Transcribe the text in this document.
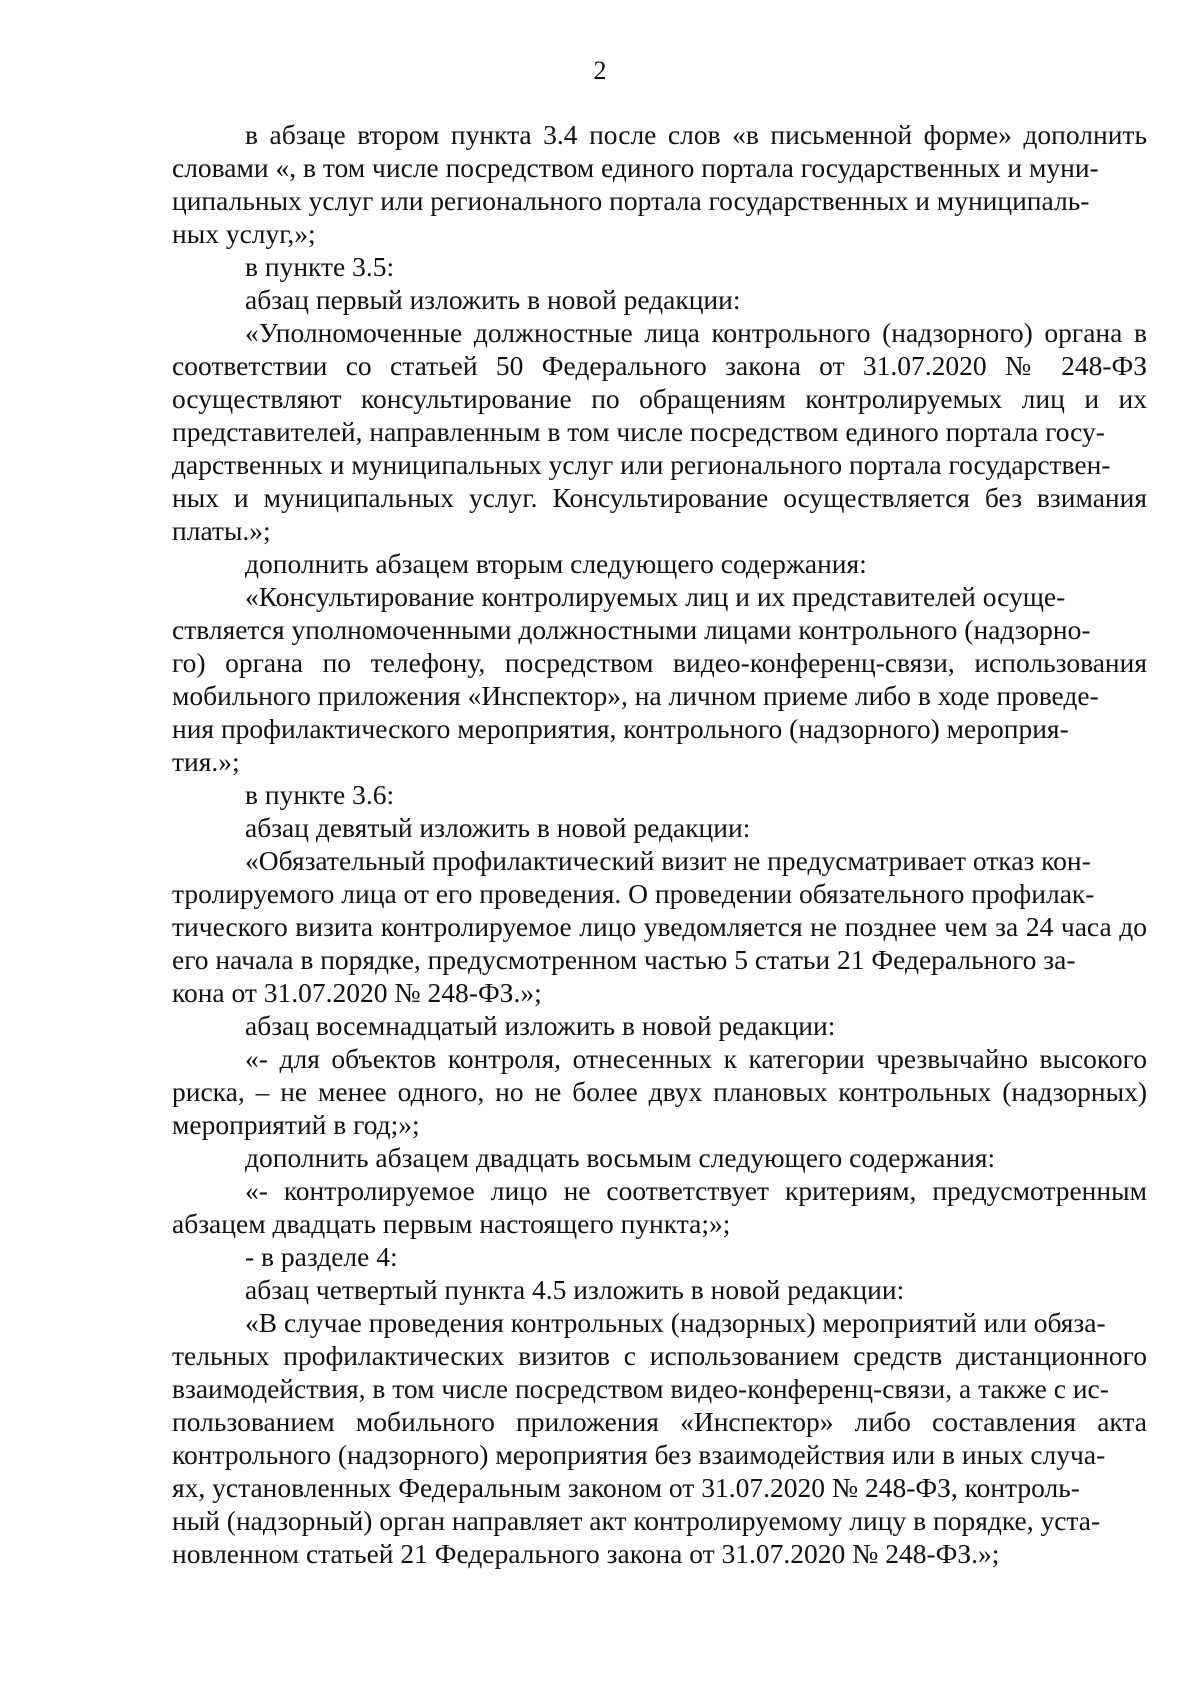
2

в абзаце втором пункта 3.4 после слов «в письменной форме» дополнить словами «, в том числе посредством единого портала государственных и муни-
ципальных услуг или регионального портала государственных и муниципаль-
ных услуг,»;

в пункте 3.5:

абзац первый изложить в новой редакции:

«Уполномоченные должностные лица контрольного (надзорного) органа в соответствии со статьей 50 Федерального закона от 31.07.2020 № 248-ФЗ осуществляют консультирование по обращениям контролируемых лиц и их представителей, направленным в том числе посредством единого портала госу-
дарственных и муниципальных услуг или регионального портала государствен-
ных и муниципальных услуг. Консультирование осуществляется без взимания платы.»;

дополнить абзацем вторым следующего содержания:

«Консультирование контролируемых лиц и их представителей осуще-
ствляется уполномоченными должностными лицами контрольного (надзорно-
го) органа по телефону, посредством видео-конференц-связи, использования мобильного приложения «Инспектор», на личном приеме либо в ходе проведе-
ния профилактического мероприятия, контрольного (надзорного) мероприя-
тия.»;

в пункте 3.6:

абзац девятый изложить в новой редакции:

«Обязательный профилактический визит не предусматривает отказ кон-
тролируемого лица от его проведения. О проведении обязательного профилак-
тического визита контролируемое лицо уведомляется не позднее чем за 24 часа до его начала в порядке, предусмотренном частью 5 статьи 21 Федерального за-
кона от 31.07.2020 № 248-ФЗ.»;

абзац восемнадцатый изложить в новой редакции:

«- для объектов контроля, отнесенных к категории чрезвычайно высокого риска, – не менее одного, но не более двух плановых контрольных (надзорных) мероприятий в год;»;

дополнить абзацем двадцать восьмым следующего содержания:

«- контролируемое лицо не соответствует критериям, предусмотренным абзацем двадцать первым настоящего пункта;»;

- в разделе 4:

абзац четвертый пункта 4.5 изложить в новой редакции:

«В случае проведения контрольных (надзорных) мероприятий или обяза-
тельных профилактических визитов с использованием средств дистанционного взаимодействия, в том числе посредством видео-конференц-связи, а также с ис-
пользованием мобильного приложения «Инспектор» либо составления акта контрольного (надзорного) мероприятия без взаимодействия или в иных случа-
ях, установленных Федеральным законом от 31.07.2020 № 248-ФЗ, контроль-
ный (надзорный) орган направляет акт контролируемому лицу в порядке, уста-
новленном статьей 21 Федерального закона от 31.07.2020 № 248-ФЗ.»;
